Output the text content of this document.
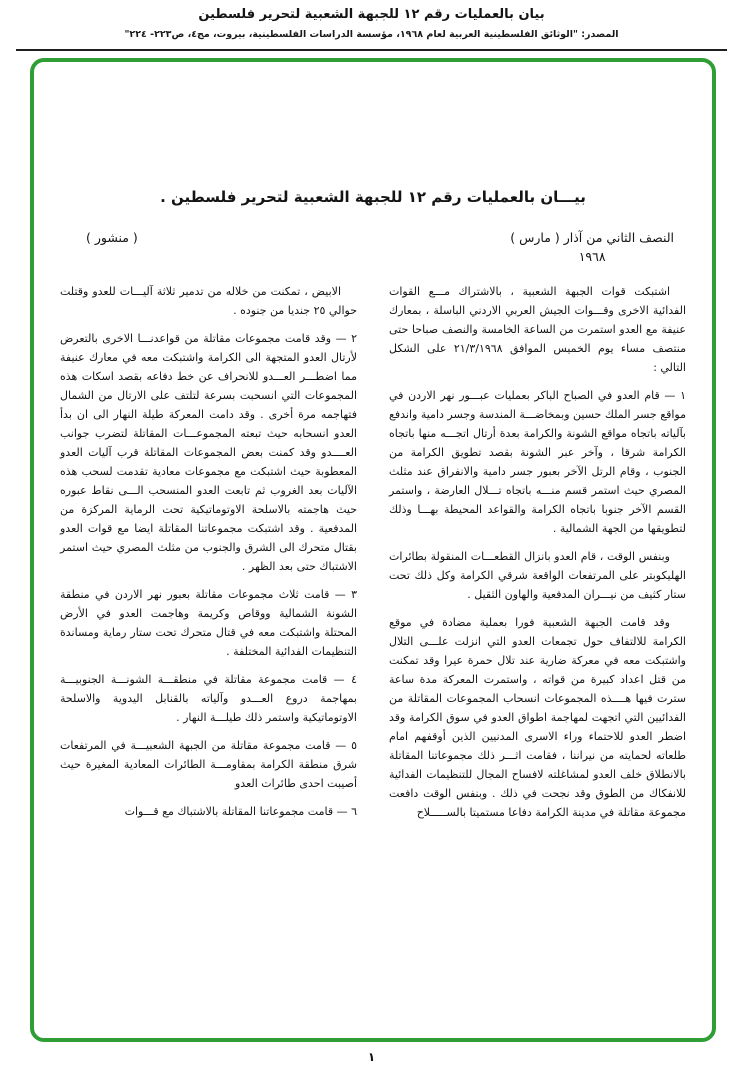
بيان بالعمليات رقم ١٢ للجبهة الشعبية لتحرير فلسطين
المصدر: "الوثائق الفلسطينية العربية لعام ١٩٦٨، مؤسسة الدراسات الفلسطينية، بيروت، مج٤، ص٢٢٣- ٢٢٤"
بيـــان بالعمليات رقم ١٢ للجبهة الشعبية لتحرير فلسطين .
النصف الثاني من آذار ( مارس )
١٩٦٨
( منشور )

اشتبكت قوات الجبهة الشعبية ، بالاشتراك مـــع القوات الفدائية الاخرى وقـــوات الجيش العربي الاردني الباسلة ، بمعارك عنيفة مع العدو استمرت من الساعة الخامسة والنصف صباحا حتى منتصف مساء يوم الخميس الموافق ٢١/٣/١٩٦٨ على الشكل التالي :

١ — قام العدو في الصباح الباكر بعمليات عبـــور نهر الاردن في مواقع جسر الملك حسين وبمخاضـــة المندسة وجسر دامية واندفع بآلياته باتجاه مواقع الشونة والكرامة بعدة أرتال اتجـــه منها باتجاه الكرامة شرقا ، وآخر عبر الشونة بقصد تطويق الكرامة من الجنوب ، وقام الرتل الآخر بعبور جسر دامية والانفراق عند مثلث المصري حيث استمر قسم منـــه باتجاه تـــلال العارضة ، واستمر القسم الآخر جنوبا باتجاه الكرامة والقواعد المحيطة بهـــا وذلك لتطويقها من الجهة الشمالية .

وبنفس الوقت ، قام العدو بانزال القطعـــات المنقولة بطائرات الهليكوبتر على المرتفعات الواقعة شرقي الكرامة وكل ذلك تحت ستار كثيف من نيـــران المدفعية والهاون الثقيل .

وقد قامت الجبهة الشعبية فورا بعملية مضادة في موقع الكرامة للالتفاف حول تجمعات العدو التي انزلت علـــى التلال واشتبكت معه في معركة ضارية عند تلال حمرة عيرا وقد تمكنت من قتل اعداد كبيرة من قواته ، واستمرت المعركة مدة ساعة سترت فيها هــــذه المجموعات انسحاب المجموعات المقاتلة من الفدائيين التي اتجهت لمهاجمة اطواق العدو في سوق الكرامة وقد اضطر العدو للاحتماء وراء الاسرى المدنيين الذين أوقفهم امام طلعاته لحمايته من نيراننا ، فقامت اثـــر ذلك مجموعاتنا المقاتلة بالانطلاق خلف العدو لمشاغلته لافساح المجال للتنظيمات الفدائية للانفكاك من الطوق وقد نجحت في ذلك . وبنفس الوقت دافعت مجموعة مقاتلة في مدينة الكرامة دفاعا مستميتا بالســـــلاح

الابيض ، تمكنت من خلاله من تدمير ثلاثة آليـــات للعدو وقتلت حوالي ٢٥ جنديا من جنوده .

٢ — وقد قامت مجموعات مقاتلة من قواعدنـــا الاخرى بالتعرض لأرتال العدو المتجهة الى الكرامة واشتبكت معه في معارك عنيفة مما اضطـــر العـــدو للانحراف عن خط دفاعه بقصد اسكات هذه المجموعات التي انسحبت بسرعة لتلتف على الارتال من الشمال فتهاجمه مرة أخرى . وقد دامت المعركة طيلة النهار الى ان بدأ العدو انسحابه حيث تبعته المجموعـــات المقاتلة لتضرب جوانب العــــدو وقد كمنت بعض المجموعات المقاتلة قرب آليات العدو المعطوبة حيث اشتبكت مع مجموعات معادية تقدمت لسحب هذه الآليات بعد الغروب ثم تابعت العدو المنسحب الـــى نقاط عبوره حيث هاجمته بالاسلحة الاوتوماتيكية تحت الرماية المركزة من المدفعية . وقد اشتبكت مجموعاتنا المقاتلة ايضا مع قوات العدو بقتال متحرك الى الشرق والجنوب من مثلث المصري حيث استمر الاشتباك حتى بعد الظهر .

٣ — قامت ثلاث مجموعات مقاتلة بعبور نهر الاردن في منطقة الشونة الشمالية ووقاص وكريمة وهاجمت العدو في الأرض المحتلة واشتبكت معه في قتال متحرك تحت ستار رماية ومساندة التنظيمات الفدائية المختلفة .

٤ — قامت مجموعة مقاتلة في منطقـــة الشونـــة الجنوبيـــة بمهاجمة دروع العـــدو وآلياته بالقنابل اليدوية والاسلحة الاوتوماتيكية واستمر ذلك طيلـــة النهار .

٥ — قامت مجموعة مقاتلة من الجبهة الشعبيـــة في المرتفعات شرق منطقة الكرامة بمقاومـــة الطائرات المعادية المغيرة حيث أصيبت احدى طائرات العدو

٦ — قامت مجموعاتنا المقاتلة بالاشتباك مع قـــوات

١
